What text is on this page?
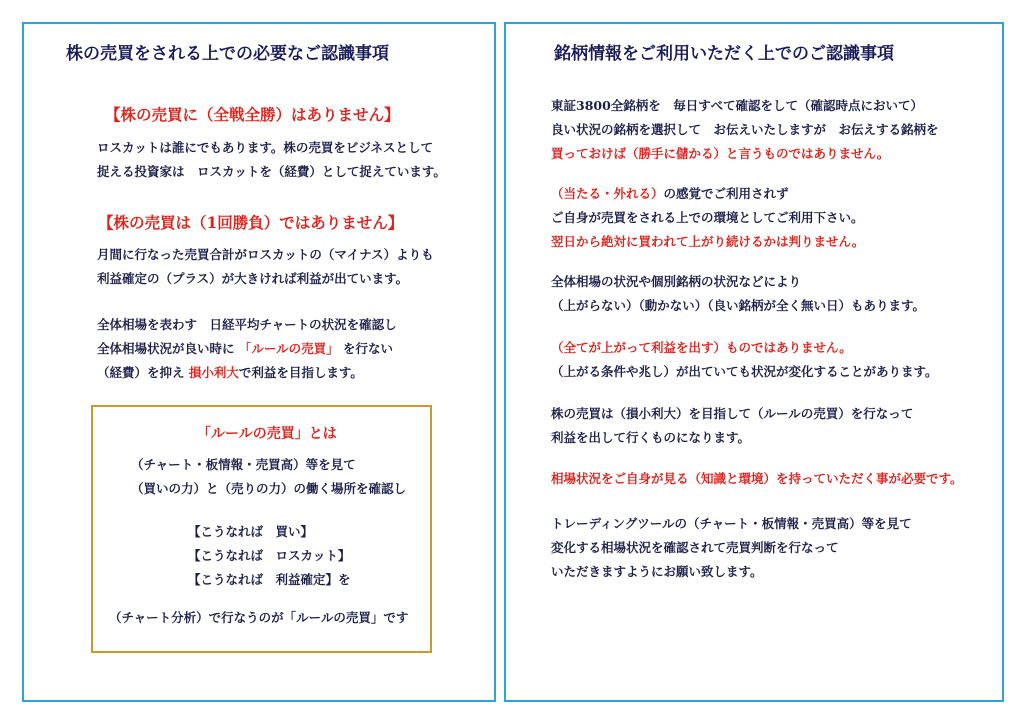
株の売買をされる上での必要なご認識事項
【株の売買に（全戦全勝）はありません】
ロスカットは誰にでもあります。株の売買をビジネスとして
捉える投資家は　ロスカットを（経費）として捉えています。
【株の売買は（1回勝負）ではありません】
月間に行なった売買合計がロスカットの（マイナス）よりも
利益確定の（プラス）が大きければ利益が出ています。
全体相場を表わす　日経平均チャートの状況を確認し
全体相場状況が良い時に 「ルールの売買」 を行ない
（経費）を抑え 損小利大で利益を目指します。
「ルールの売買」とは
（チャート・板情報・売買高）等を見て
（買いの力）と（売りの力）の働く場所を確認し
【こうなれば　買い】
【こうなれば　ロスカット】
【こうなれば　利益確定】を
（チャート分析）で行なうのが「ルールの売買」です
銘柄情報をご利用いただく上でのご認識事項
東証3800全銘柄を　毎日すべて確認をして（確認時点において）
良い状況の銘柄を選択して　お伝えいたしますが　お伝えする銘柄を
買っておけば（勝手に儲かる）と言うものではありません。
（当たる・外れる）の感覚でご利用されず
ご自身が売買をされる上での環境としてご利用下さい。
翌日から絶対に買われて上がり続けるかは判りません。
全体相場の状況や個別銘柄の状況などにより
（上がらない）（動かない）（良い銘柄が全く無い日）もあります。
（全てが上がって利益を出す）ものではありません。
（上がる条件や兆し）が出ていても状況が変化することがあります。
株の売買は（損小利大）を目指して（ルールの売買）を行なって
利益を出して行くものになります。
相場状況をご自身が見る（知識と環境）を持っていただく事が必要です。
トレーディングツールの（チャート・板情報・売買高）等を見て
変化する相場状況を確認されて売買判断を行なって
いただきますようにお願い致します。
